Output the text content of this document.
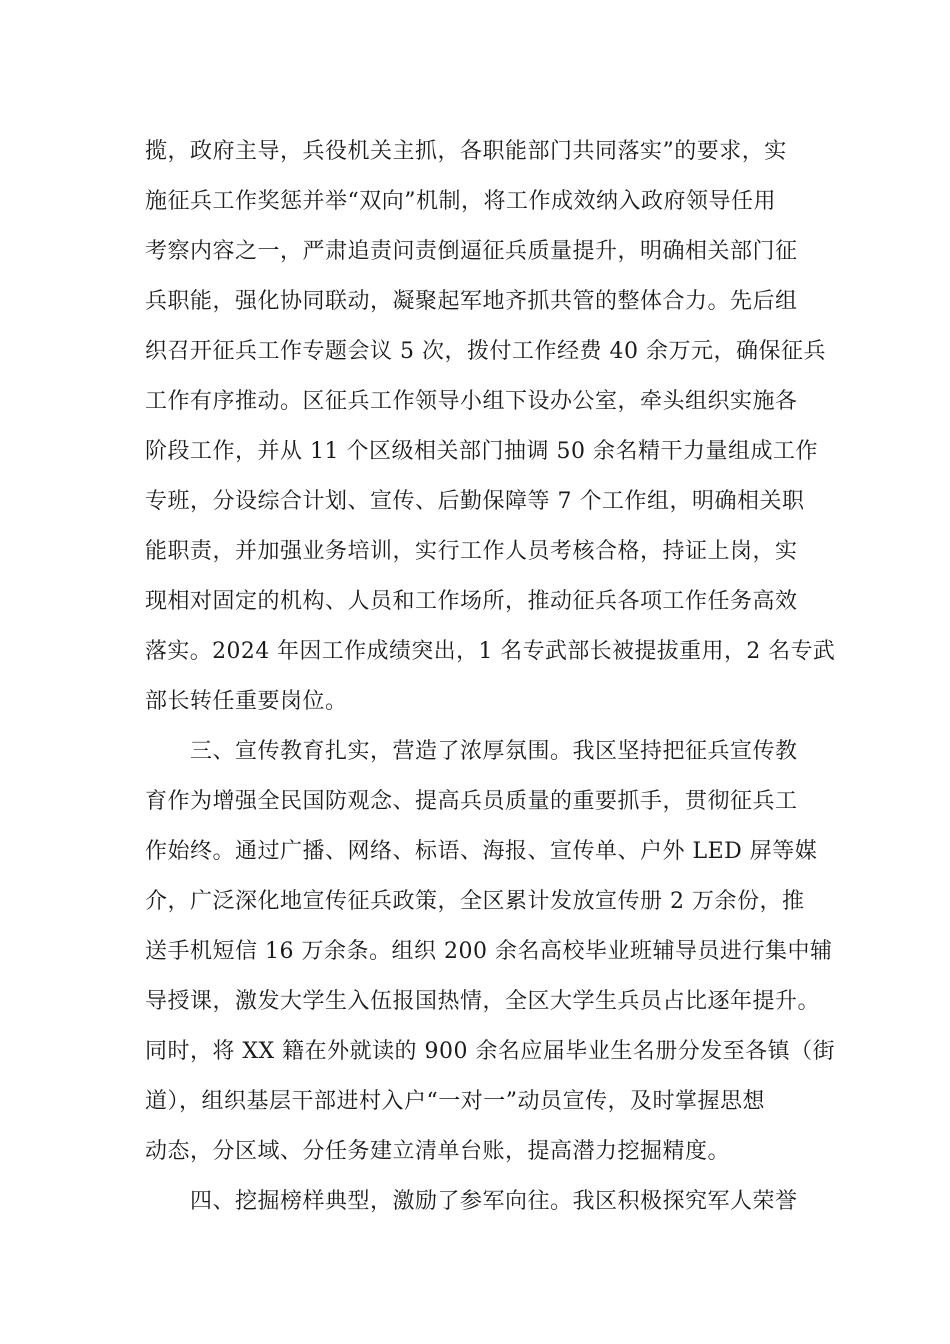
揽，政府主导，兵役机关主抓，各职能部门共同落实”的要求，实
施征兵工作奖惩并举“双向”机制，将工作成效纳入政府领导任用
考察内容之一，严肃追责问责倒逼征兵质量提升，明确相关部门征
兵职能，强化协同联动，凝聚起军地齐抓共管的整体合力。先后组
织召开征兵工作专题会议 5 次，拨付工作经费 40 余万元，确保征兵
工作有序推动。区征兵工作领导小组下设办公室，牵头组织实施各
阶段工作，并从 11 个区级相关部门抽调 50 余名精干力量组成工作
专班，分设综合计划、宣传、后勤保障等 7 个工作组，明确相关职
能职责，并加强业务培训，实行工作人员考核合格，持证上岗，实
现相对固定的机构、人员和工作场所，推动征兵各项工作任务高效
落实。2024 年因工作成绩突出，1 名专武部长被提拔重用，2 名专武
部长转任重要岗位。
　　三、宣传教育扎实，营造了浓厚氛围。我区坚持把征兵宣传教
育作为增强全民国防观念、提高兵员质量的重要抓手，贯彻征兵工
作始终。通过广播、网络、标语、海报、宣传单、户外 LED 屏等媒
介，广泛深化地宣传征兵政策，全区累计发放宣传册 2 万余份，推
送手机短信 16 万余条。组织 200 余名高校毕业班辅导员进行集中辅
导授课，激发大学生入伍报国热情，全区大学生兵员占比逐年提升。
同时，将 XX 籍在外就读的 900 余名应届毕业生名册分发至各镇（街
道），组织基层干部进村入户“一对一”动员宣传，及时掌握思想
动态，分区域、分任务建立清单台账，提高潜力挖掘精度。
　　四、挖掘榜样典型，激励了参军向往。我区积极探究军人荣誉
